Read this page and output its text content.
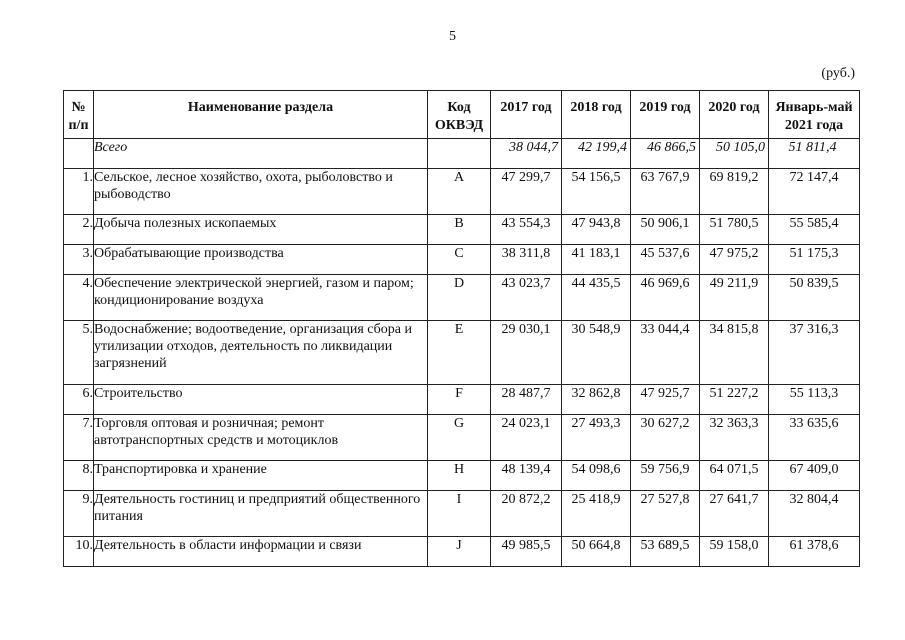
5
(руб.)
№ п/п	Наименование раздела	Код ОКВЭД	2017 год	2018 год	2019 год	2020 год	Январь-май 2021 года
	Всего		38 044,7	42 199,4	46 866,5	50 105,0	51 811,4
1.	Сельское, лесное хозяйство, охота, рыболовство и рыбоводство	A	47 299,7	54 156,5	63 767,9	69 819,2	72 147,4
2.	Добыча полезных ископаемых	B	43 554,3	47 943,8	50 906,1	51 780,5	55 585,4
3.	Обрабатывающие производства	C	38 311,8	41 183,1	45 537,6	47 975,2	51 175,3
4.	Обеспечение электрической энергией, газом и паром; кондиционирование воздуха	D	43 023,7	44 435,5	46 969,6	49 211,9	50 839,5
5.	Водоснабжение; водоотведение, организация сбора и утилизации отходов, деятельность по ликвидации загрязнений	E	29 030,1	30 548,9	33 044,4	34 815,8	37 316,3
6.	Строительство	F	28 487,7	32 862,8	47 925,7	51 227,2	55 113,3
7.	Торговля оптовая и розничная; ремонт автотранспортных средств и мотоциклов	G	24 023,1	27 493,3	30 627,2	32 363,3	33 635,6
8.	Транспортировка и хранение	H	48 139,4	54 098,6	59 756,9	64 071,5	67 409,0
9.	Деятельность гостиниц и предприятий общественного питания	I	20 872,2	25 418,9	27 527,8	27 641,7	32 804,4
10.	Деятельность в области информации и связи	J	49 985,5	50 664,8	53 689,5	59 158,0	61 378,6
